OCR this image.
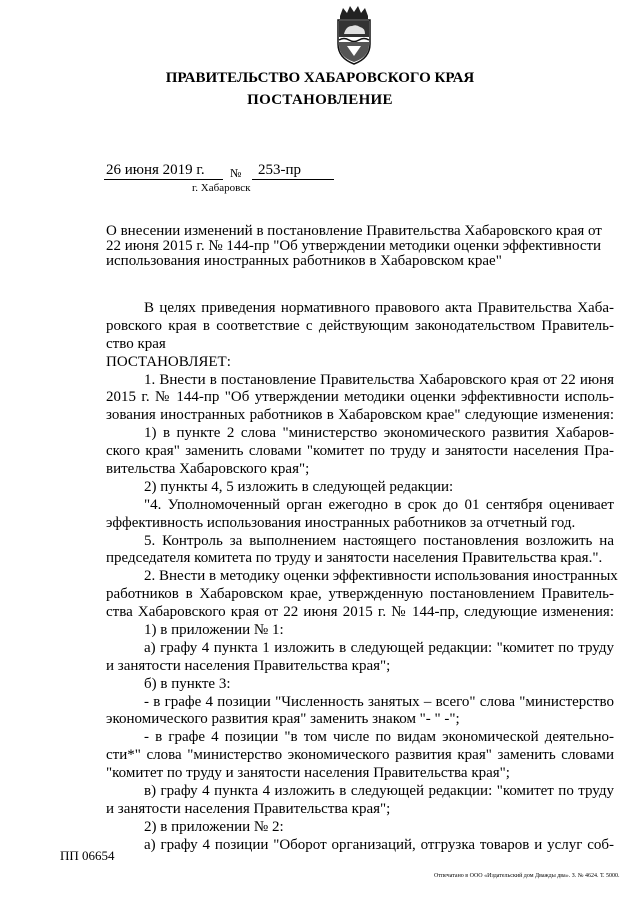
ПРАВИТЕЛЬСТВО ХАБАРОВСКОГО КРАЯ
ПОСТАНОВЛЕНИЕ
26 июня 2019 г. № 253-пр
г. Хабаровск
О внесении изменений в постановление Правительства Хабаровского края от
22 июня 2015 г. № 144-пр "Об утверждении методики оценки эффективности
использования иностранных работников в Хабаровском крае"
В целях приведения нормативного правового акта Правительства Хаба-
ровского края в соответствие с действующим законодательством Правитель-
ство края
ПОСТАНОВЛЯЕТ:
1. Внести в постановление Правительства Хабаровского края от 22 июня
2015 г. № 144-пр "Об утверждении методики оценки эффективности исполь-
зования иностранных работников в Хабаровском крае" следующие изменения:
1) в пункте 2 слова "министерство экономического развития Хабаров-
ского края" заменить словами "комитет по труду и занятости населения Пра-
вительства Хабаровского края";
2) пункты 4, 5 изложить в следующей редакции:
"4. Уполномоченный орган ежегодно в срок до 01 сентября оценивает
эффективность использования иностранных работников за отчетный год.
5. Контроль за выполнением настоящего постановления возложить на
председателя комитета по труду и занятости населения Правительства края.".
2. Внести в методику оценки эффективности использования иностранных
работников в Хабаровском крае, утвержденную постановлением Правитель-
ства Хабаровского края от 22 июня 2015 г. № 144-пр, следующие изменения:
1) в приложении № 1:
а) графу 4 пункта 1 изложить в следующей редакции: "комитет по труду
и занятости населения Правительства края";
б) в пункте 3:
- в графе 4 позиции "Численность занятых – всего" слова "министерство
экономического развития края" заменить знаком "- " -";
- в графе 4 позиции "в том числе по видам экономической деятельно-
сти*" слова "министерство экономического развития края" заменить словами
"комитет по труду и занятости населения Правительства края";
в) графу 4 пункта 4 изложить в следующей редакции: "комитет по труду
и занятости населения Правительства края";
2) в приложении № 2:
а) графу 4 позиции "Оборот организаций, отгрузка товаров и услуг соб-
ПП 06654
Отпечатано в ООО «Издательский дом Дважды два». З. № 4624. Т. 5000.
